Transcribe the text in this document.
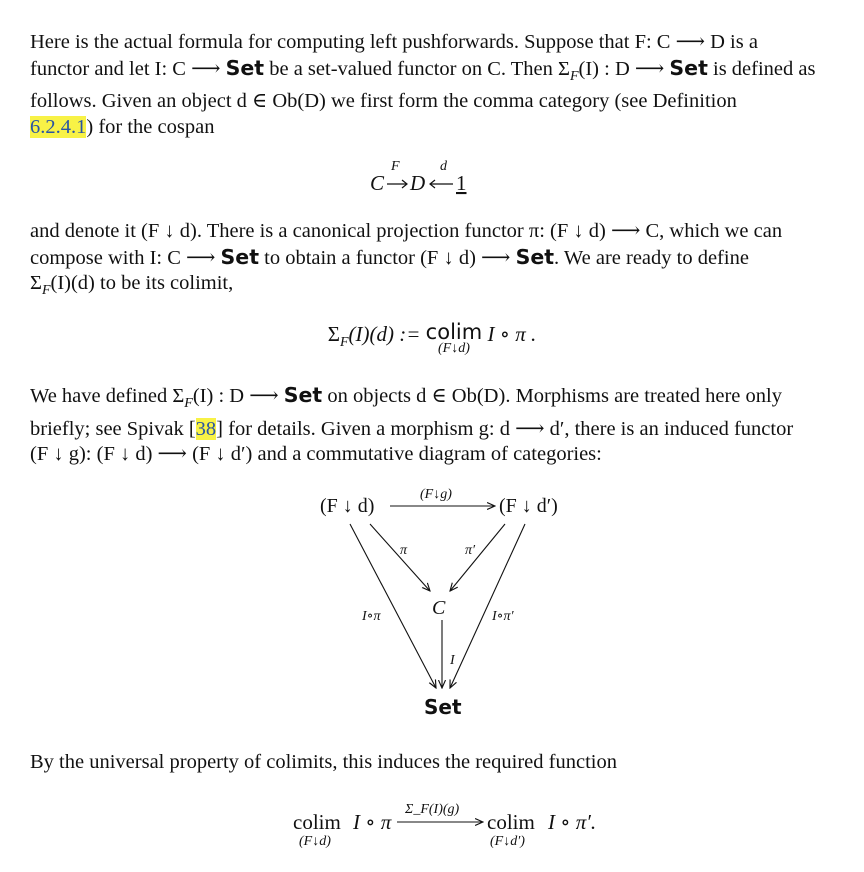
Here is the actual formula for computing left pushforwards. Suppose that F: C ⟶ D is a
functor and let I: C ⟶ Set be a set-valued functor on C. Then $\Sigma_F(I)$ : D ⟶ Set is defined as
follows. Given an object d ∈ Ob(D) we first form the comma category (see Definition
6.2.4.1) for the cospan

C
F
D
d
1

and denote it (F ↓ d). There is a canonical projection functor π: (F ↓ d) ⟶ C, which we can
compose with I: C ⟶ Set to obtain a functor (F ↓ d) ⟶ Set. We are ready to define
$\Sigma_F(I)(d)$ to be its colimit,

$\Sigma_F(I)(d)$ := colim
(F↓d)
I ∘ π .

We have defined $\Sigma_F(I)$ : D ⟶ Set on objects d ∈ Ob(D). Morphisms are treated here only
briefly; see Spivak [38] for details. Given a morphism g: d ⟶ d′, there is an induced functor
(F ↓ g): (F ↓ d) ⟶ (F ↓ d′) and a commutative diagram of categories:

(F ↓ d)	(F ↓ d′)
(F↓g)
C
Set
π	π′
I∘π	I∘π′
I

By the universal property of colimits, this induces the required function

colim
(F↓d)
I ∘ π
Σ_F(I)(g)
colim
(F↓d′)
I ∘ π′.
